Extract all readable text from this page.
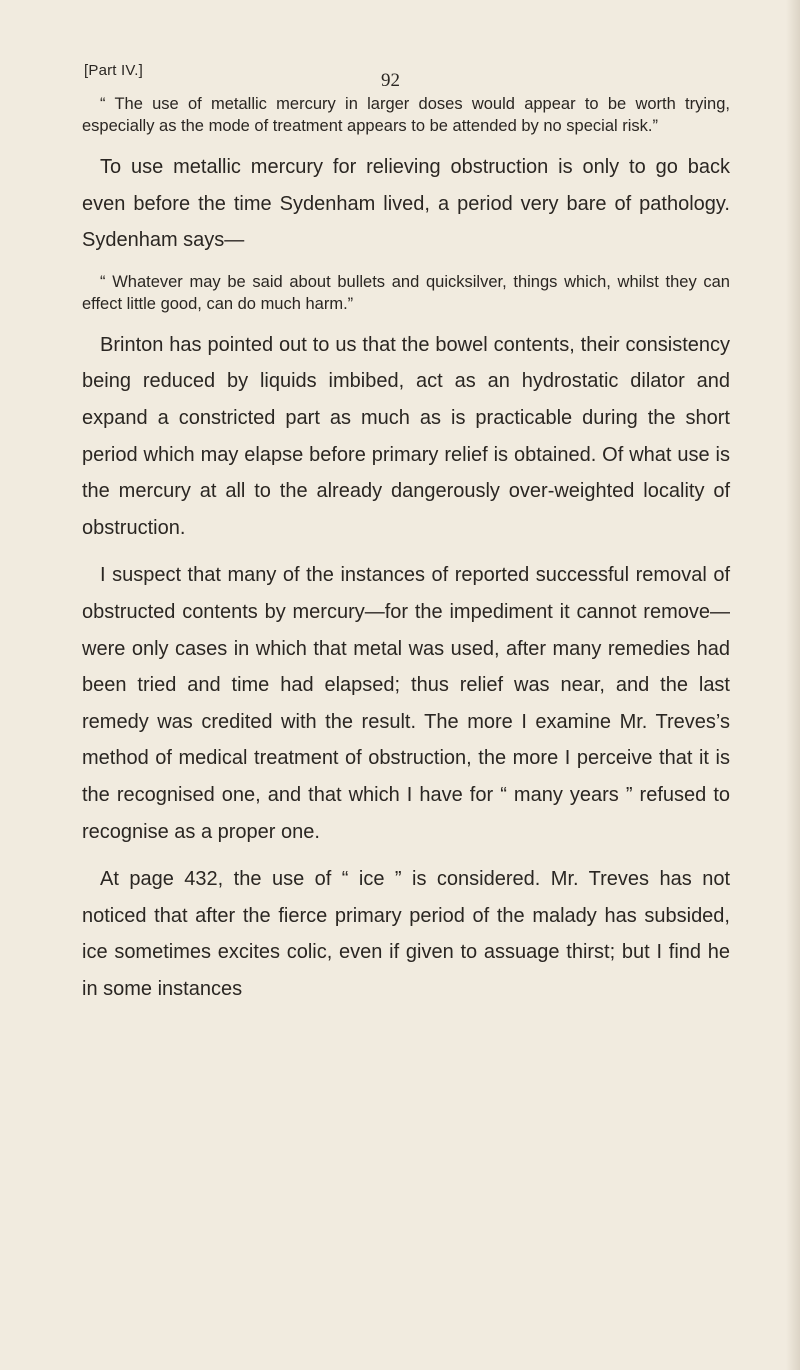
[Part IV.]	92

“ The use of metallic mercury in larger doses would appear to be worth trying, especially as the mode of treatment appears to be attended by no special risk.”

To use metallic mercury for relieving obstruction is only to go back even before the time Sydenham lived, a period very bare of pathology. Sydenham says—

“ Whatever may be said about bullets and quicksilver, things which, whilst they can effect little good, can do much harm.”

Brinton has pointed out to us that the bowel contents, their consistency being reduced by liquids imbibed, act as an hydrostatic dilator and expand a constricted part as much as is practicable during the short period which may elapse before primary relief is obtained. Of what use is the mercury at all to the already dangerously over-weighted locality of obstruction.

I suspect that many of the instances of reported successful removal of obstructed contents by mercury—for the impediment it cannot remove—were only cases in which that metal was used, after many remedies had been tried and time had elapsed; thus relief was near, and the last remedy was credited with the result. The more I examine Mr. Treves’s method of medical treatment of obstruction, the more I perceive that it is the recognised one, and that which I have for “ many years ” refused to recognise as a proper one.

At page 432, the use of “ ice ” is considered. Mr. Treves has not noticed that after the fierce primary period of the malady has subsided, ice sometimes excites colic, even if given to assuage thirst; but I find he in some instances
